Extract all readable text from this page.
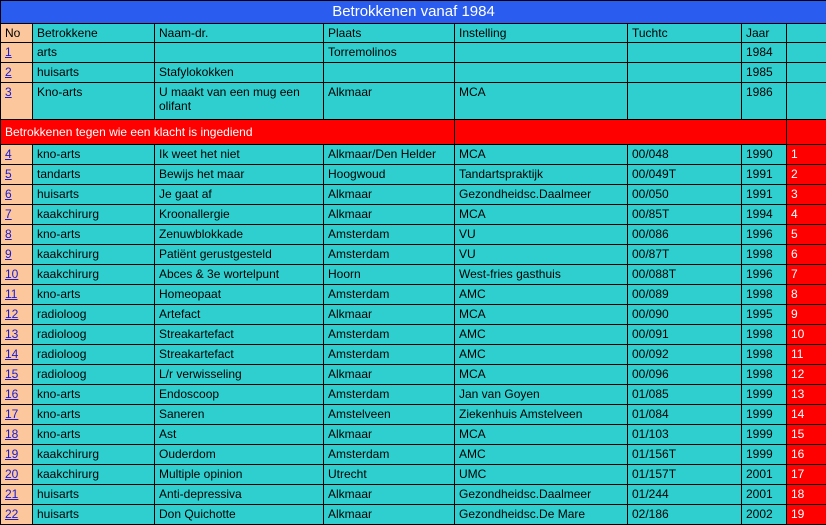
Betrokkenen vanaf 1984							
No	Betrokkene	Naam-dr.	Plaats	Instelling	Tuchtc	Jaar	
1	arts		Torremolinos			1984	
2	huisarts	Stafylokokken				1985	
3	Kno-arts	U maakt van een mug een olifant	Alkmaar	MCA		1986	
Betrokkenen tegen wie een klacht is ingediend							
4	kno-arts	Ik weet het niet	Alkmaar/Den Helder	MCA	00/048	1990	1
5	tandarts	Bewijs het maar	Hoogwoud	Tandartspraktijk	00/049T	1991	2
6	huisarts	Je gaat af	Alkmaar	Gezondheidsc.Daalmeer	00/050	1991	3
7	kaakchirurg	Kroonallergie	Alkmaar	MCA	00/85T	1994	4
8	kno-arts	Zenuwblokkade	Amsterdam	VU	00/086	1996	5
9	kaakchirurg	Patiënt gerustgesteld	Amsterdam	VU	00/87T	1998	6
10	kaakchirurg	Abces & 3e wortelpunt	Hoorn	West-fries gasthuis	00/088T	1996	7
11	kno-arts	Homeopaat	Amsterdam	AMC	00/089	1998	8
12	radioloog	Artefact	Alkmaar	MCA	00/090	1995	9
13	radioloog	Streakartefact	Amsterdam	AMC	00/091	1998	10
14	radioloog	Streakartefact	Amsterdam	AMC	00/092	1998	11
15	radioloog	L/r verwisseling	Alkmaar	MCA	00/096	1998	12
16	kno-arts	Endoscoop	Amsterdam	Jan van Goyen	01/085	1999	13
17	kno-arts	Saneren	Amstelveen	Ziekenhuis Amstelveen	01/084	1999	14
18	kno-arts	Ast	Alkmaar	MCA	01/103	1999	15
19	kaakchirurg	Ouderdom	Amsterdam	AMC	01/156T	1999	16
20	kaakchirurg	Multiple opinion	Utrecht	UMC	01/157T	2001	17
21	huisarts	Anti-depressiva	Alkmaar	Gezondheidsc.Daalmeer	01/244	2001	18
22	huisarts	Don Quichotte	Alkmaar	Gezondheidsc.De Mare	02/186	2002	19
